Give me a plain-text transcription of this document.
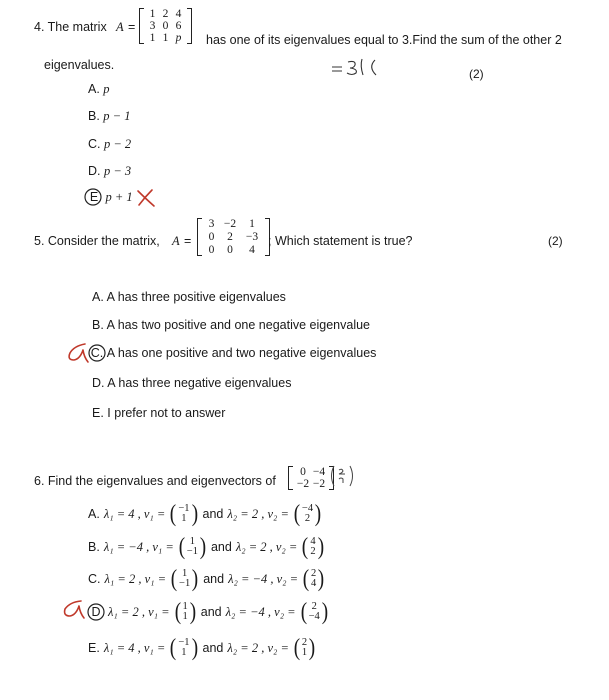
4. The matrix A =
1 2 4
3 0 6
1 1 p has one of its eigenvalues equal to 3.Find the sum of the other 2
eigenvalues.
(2)
A. p
B. p − 1
C. p − 2
D. p − 3
E p + 1
5. Consider the matrix, A =
3 −2	1
0	2	−3
0	0	4
; Which statement is true?	(2)
A. A has three positive eigenvalues
B. A has two positive and one negative eigenvalue
C. A has one positive and two negative eigenvalues
D. A has three negative eigenvalues
E. I prefer not to answer
6. Find the eigenvalues and eigenvectors of
0 −4
−2 −2
A. λ₁ = 4 , v₁ = ( −1
1 ) and λ₂ = 2 , v₂ = ( −4
2 )
B. λ₁ = −4 , v₁ = ( 1
−1 ) and λ₂ = 2 , v₂ = ( 4
2 )
C. λ₁ = 2 , v₁ = ( 1
−1 ) and λ₂ = −4 , v₂ = ( 2
4 )
D λ₁ = 2 , v₁ = ( 1
1 ) and λ₂ = −4 , v₂ = ( 2
−4 )
E. λ₁ = 4 , v₁ = ( −1
1 ) and λ₂ = 2 , v₂ = ( 2
1 )
